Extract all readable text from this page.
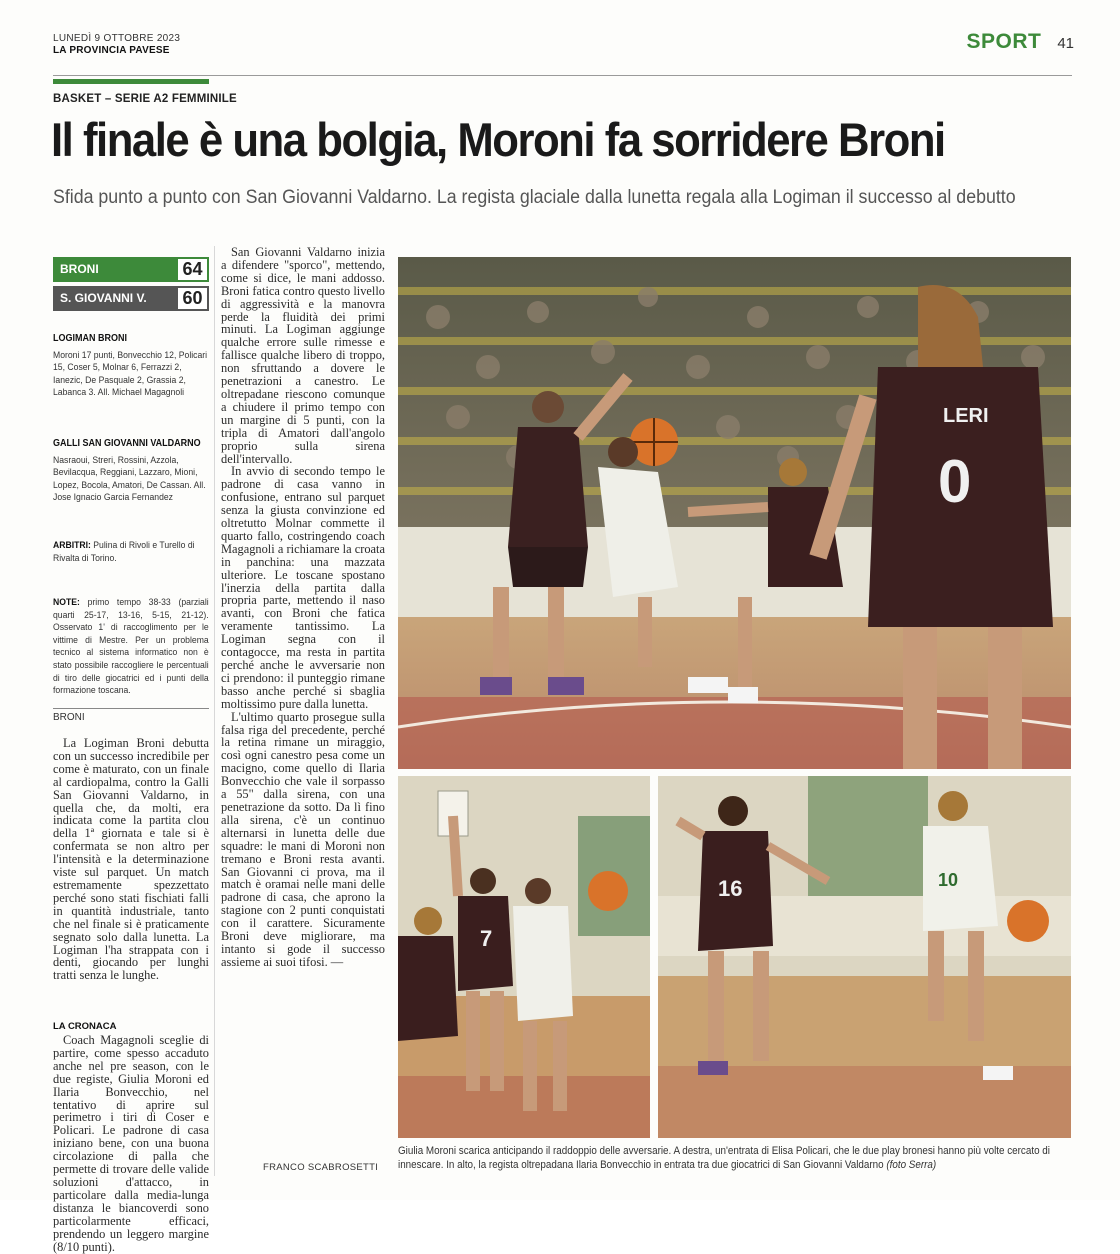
LUNEDÌ 9 OTTOBRE 2023
LA PROVINCIA PAVESE	SPORT 41
BASKET – SERIE A2 FEMMINILE
Il finale è una bolgia, Moroni fa sorridere Broni
Sfida punto a punto con San Giovanni Valdarno. La regista glaciale dalla lunetta regala alla Logiman il successo al debutto
BRONI	64
S. GIOVANNI V.	60
LOGIMAN BRONI
Moroni 17 punti, Bonvecchio 12, Policari 15, Coser 5, Molnar 6, Ferrazzi 2, Ianezic, De Pasquale 2, Grassia 2, Labanca 3. All. Michael Magagnoli
GALLI SAN GIOVANNI VALDARNO
Nasraoui, Streri, Rossini, Azzola, Bevilacqua, Reggiani, Lazzaro, Mioni, Lopez, Bocola, Amatori, De Cassan. All. Jose Ignacio Garcia Fernandez
ARBITRI: Pulina di Rivoli e Turello di Rivalta di Torino.
NOTE: primo tempo 38-33 (parziali quarti 25-17, 13-16, 5-15, 21-12). Osservato 1' di raccoglimento per le vittime di Mestre. Per un problema tecnico al sistema informatico non è stato possibile raccogliere le percentuali di tiro delle giocatrici ed i punti della formazione toscana.
BRONI

La Logiman Broni debutta con un successo incredibile per come è maturato, con un finale al cardiopalma, contro la Galli San Giovanni Valdarno, in quella che, da molti, era indicata come la partita clou della 1ª giornata e tale si è confermata se non altro per l'intensità e la determinazione viste sul parquet. Un match estremamente spezzettato perché sono stati fischiati falli in quantità industriale, tanto che nel finale si è praticamente segnato solo dalla lunetta. La Logiman l'ha strappata con i denti, giocando per lunghi tratti senza le lunghe.

LA CRONACA

Coach Magagnoli sceglie di partire, come spesso accaduto anche nel pre season, con le due registe, Giulia Moroni ed Ilaria Bonvecchio, nel tentativo di aprire sul perimetro i tiri di Coser e Policari. Le padrone di casa iniziano bene, con una buona circolazione di palla che permette di trovare delle valide soluzioni d'attacco, in particolare dalla media-lunga distanza le biancoverdi sono particolarmente efficaci, prendendo un leggero margine (8/10 punti).

San Giovanni Valdarno inizia a difendere "sporco", mettendo, come si dice, le mani addosso. Broni fatica contro questo livello di aggressività e la manovra perde la fluidità dei primi minuti. La Logiman aggiunge qualche errore sulle rimesse e fallisce qualche libero di troppo, non sfruttando a dovere le penetrazioni a canestro. Le oltrepadane riescono comunque a chiudere il primo tempo con un margine di 5 punti, con la tripla di Amatori dall'angolo proprio sulla sirena dell'intervallo.

In avvio di secondo tempo le padrone di casa vanno in confusione, entrano sul parquet senza la giusta convinzione ed oltretutto Molnar commette il quarto fallo, costringendo coach Magagnoli a richiamare la croata in panchina: una mazzata ulteriore. Le toscane spostano l'inerzia della partita dalla propria parte, mettendo il naso avanti, con Broni che fatica veramente tantissimo. La Logiman segna con il contagocce, ma resta in partita perché anche le avversarie non ci prendono: il punteggio rimane basso anche perché si sbaglia moltissimo pure dalla lunetta.

L'ultimo quarto prosegue sulla falsa riga del precedente, perché la retina rimane un miraggio, così ogni canestro pesa come un macigno, come quello di Ilaria Bonvecchio che vale il sorpasso a 55" dalla sirena, con una penetrazione da sotto. Da lì fino alla sirena, c'è un continuo alternarsi in lunetta delle due squadre: le mani di Moroni non tremano e Broni resta avanti. San Giovanni ci prova, ma il match è oramai nelle mani delle padrone di casa, che aprono la stagione con 2 punti conquistati con il carattere. Sicuramente Broni deve migliorare, ma intanto si gode il successo assieme ai suoi tifosi. —

FRANCO SCABROSETTI
0
LERI
7
16	10
Giulia Moroni scarica anticipando il raddoppio delle avversarie. A destra, un'entrata di Elisa Policari, che le due play bronesi hanno più volte cercato di innescare. In alto, la regista oltrepadana Ilaria Bonvecchio in entrata tra due giocatrici di San Giovanni Valdarno (foto Serra)
